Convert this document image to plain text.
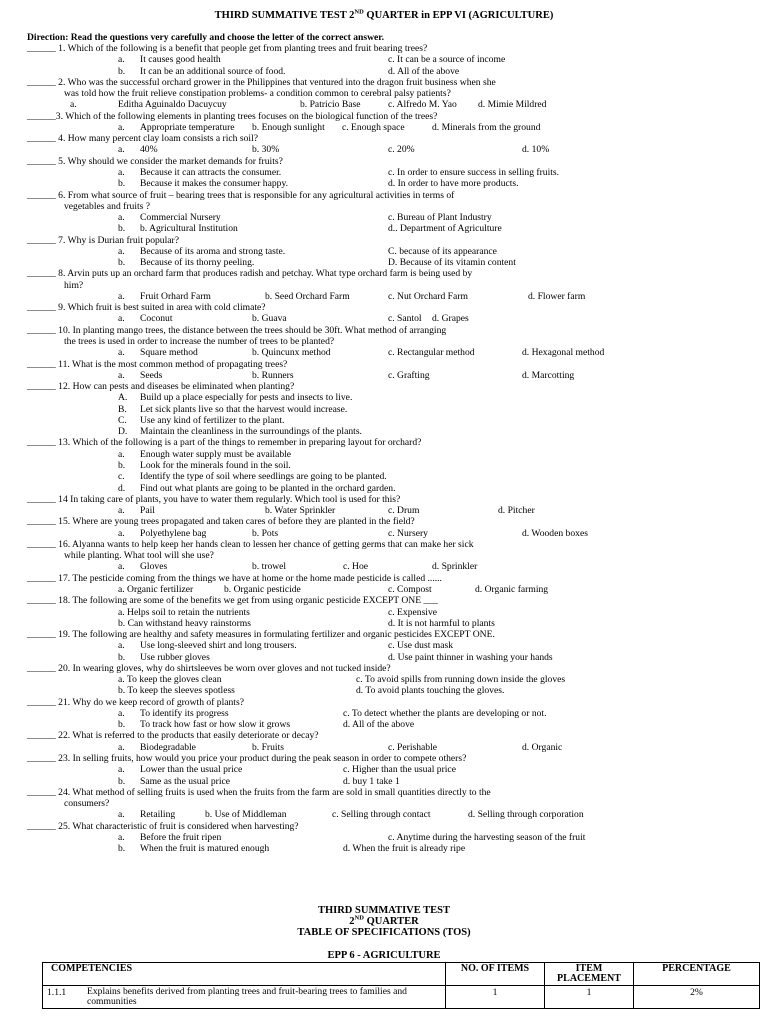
THIRD SUMMATIVE TEST 2ND QUARTER in EPP VI (AGRICULTURE)
Direction: Read the questions very carefully and choose the letter of the correct answer.
______ 1. Which of the following is a benefit that people get from planting trees and fruit bearing trees?
a. It causes good health	c. It can be a source of income
b. It can be an additional source of food.	d. All of the above
______ 2. Who was the successful orchard grower in the Philippines that ventured into the dragon fruit business when she
was told how the fruit relieve constipation problems- a condition common to cerebral palsy patients?
a.	Editha Aguinaldo Dacuycuy	b. Patricio Base	c. Alfredo M. Yao d. Mimie Mildred
______3. Which of the following elements in planting trees focuses on the biological function of the trees?
a. Appropriate temperature b. Enough sunlight c. Enough space	d. Minerals from the ground
______ 4. How many percent clay loam consists a rich soil?
a. 40%	b. 30%	c. 20%	d. 10%
______ 5. Why should we consider the market demands for fruits?
a. Because it can attracts the consumer.	c. In order to ensure success in selling fruits.
b. Because it makes the consumer happy.	d. In order to have more products.
______ 6. From what source of fruit – bearing trees that is responsible for any agricultural activities in terms of
vegetables and fruits ?
a. Commercial Nursery	c. Bureau of Plant Industry
b. b. Agricultural Institution	d.. Department of Agriculture
______ 7. Why is Durian fruit popular?
a. Because of its aroma and strong taste.	C. because of its appearance
b. Because of its thorny peeling.	D. Because of its vitamin content
______ 8. Arvin puts up an orchard farm that produces radish and petchay. What type orchard farm is being used by
him?
a. Fruit Orhard Farm	b. Seed Orchard Farm	c. Nut Orchard Farm	d. Flower farm
______ 9. Which fruit is best suited in area with cold climate?
a. Coconut	b. Guava	c. Santol d. Grapes
______ 10. In planting mango trees, the distance between the trees should be 30ft. What method of arranging
the trees is used in order to increase the number of trees to be planted?
a. Square method	b. Quincunx method	c. Rectangular method	d. Hexagonal method
______ 11. What is the most common method of propagating trees?
a. Seeds	b. Runners	c. Grafting	d. Marcotting
______ 12. How can pests and diseases be eliminated when planting?
A. Build up a place especially for pests and insects to live.
B. Let sick plants live so that the harvest would increase.
C. Use any kind of fertilizer to the plant.
D. Maintain the cleanliness in the surroundings of the plants.
______ 13. Which of the following is a part of the things to remember in preparing layout for orchard?
a. Enough water supply must be available
b. Look for the minerals found in the soil.
c. Identify the type of soil where seedlings are going to be planted.
d. Find out what plants are going to be planted in the orchard garden.
______ 14 In taking care of plants, you have to water them regularly. Which tool is used for this?
a. Pail	b. Water Sprinkler	c. Drum	d. Pitcher
______ 15. Where are young trees propagated and taken cares of before they are planted in the field?
a. Polyethylene bag	b. Pots	c. Nursery	d. Wooden boxes
______ 16. Alyanna wants to help keep her hands clean to lessen her chance of getting germs that can make her sick
while planting. What tool will she use?
a. Gloves	b. trowel	c. Hoe	d. Sprinkler
______ 17. The pesticide coming from the things we have at home or the home made pesticide is called ......
a. Organic fertilizer	b. Organic pesticide	c. Compost	d. Organic farming
______ 18. The following are some of the benefits we get from using organic pesticide EXCEPT ONE ___
a. Helps soil to retain the nutrients	c. Expensive
b. Can withstand heavy rainstorms	d. It is not harmful to plants
______ 19. The following are healthy and safety measures in formulating fertilizer and organic pesticides EXCEPT ONE.
a. Use long-sleeved shirt and long trousers.	c. Use dust mask
b. Use rubber gloves	d. Use paint thinner in washing your hands
______ 20. In wearing gloves, why do shirtsleeves be worn over gloves and not tucked inside?
a. To keep the gloves clean	c. To avoid spills from running down inside the gloves
b. To keep the sleeves spotless	d. To avoid plants touching the gloves.
______ 21. Why do we keep record of growth of plants?
a. To identify its progress	c. To detect whether the plants are developing or not.
b. To track how fast or how slow it grows	d. All of the above
______ 22. What is referred to the products that easily deteriorate or decay?
a. Biodegradable	b. Fruits	c. Perishable	d. Organic
______ 23. In selling fruits, how would you price your product during the peak season in order to compete others?
a. Lower than the usual price	c. Higher than the usual price
b. Same as the usual price	d. buy 1 take 1
______ 24. What method of selling fruits is used when the fruits from the farm are sold in small quantities directly to the
consumers?
a. Retailing	b. Use of Middleman	c. Selling through contact	d. Selling through corporation
______ 25. What characteristic of fruit is considered when harvesting?
a. Before the fruit ripen	c. Anytime during the harvesting season of the fruit
b. When the fruit is matured enough	d. When the fruit is already ripe
THIRD SUMMATIVE TEST
2ND QUARTER
TABLE OF SPECIFICATIONS (TOS)
EPP 6 - AGRICULTURE
COMPETENCIES	NO. OF ITEMS	ITEM PLACEMENT	PERCENTAGE
1.1.1 Explains benefits derived from planting trees and fruit-bearing trees to families and communities	1	1	2%
